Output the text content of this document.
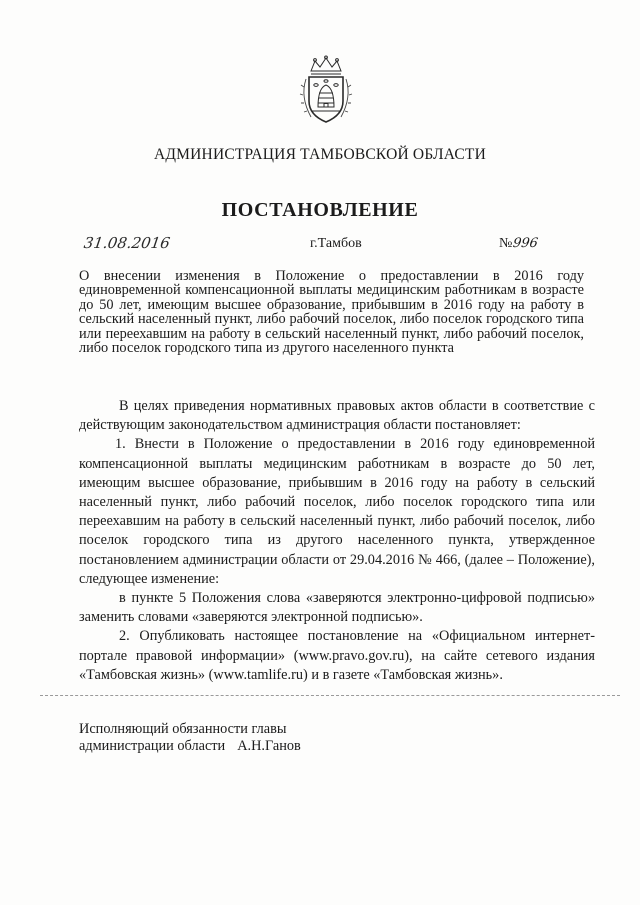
АДМИНИСТРАЦИЯ ТАМБОВСКОЙ ОБЛАСТИ
ПОСТАНОВЛЕНИЕ
31.08.2016	г.Тамбов	№996
О внесении изменения в Положение о предоставлении в 2016 году единовременной компенсационной выплаты медицинским работникам в возрасте до 50 лет, имеющим высшее образование, прибывшим в 2016 году на работу в сельский населенный пункт, либо рабочий поселок, либо поселок городского типа или переехавшим на работу в сельский населенный пункт, либо рабочий поселок, либо поселок городского типа из другого населенного пункта

В целях приведения нормативных правовых актов области в соответствие с действующим законодательством администрация области постановляет:

1. Внести в Положение о предоставлении в 2016 году единовременной компенсационной выплаты медицинским работникам в возрасте до 50 лет, имеющим высшее образование, прибывшим в 2016 году на работу в сельский населенный пункт, либо рабочий поселок, либо поселок городского типа или переехавшим на работу в сельский населенный пункт, либо рабочий поселок, либо поселок городского типа из другого населенного пункта, утвержденное постановлением администрации области от 29.04.2016 № 466, (далее – Положение), следующее изменение:

в пункте 5 Положения слова «заверяются электронно-цифровой подписью» заменить словами «заверяются электронной подписью».

2. Опубликовать настоящее постановление на «Официальном интернет-портале правовой информации» (www.pravo.gov.ru), на сайте сетевого издания «Тамбовская жизнь» (www.tamlife.ru) и в газете «Тамбовская жизнь».

Исполняющий обязанности главы
администрации области А.Н.Ганов
